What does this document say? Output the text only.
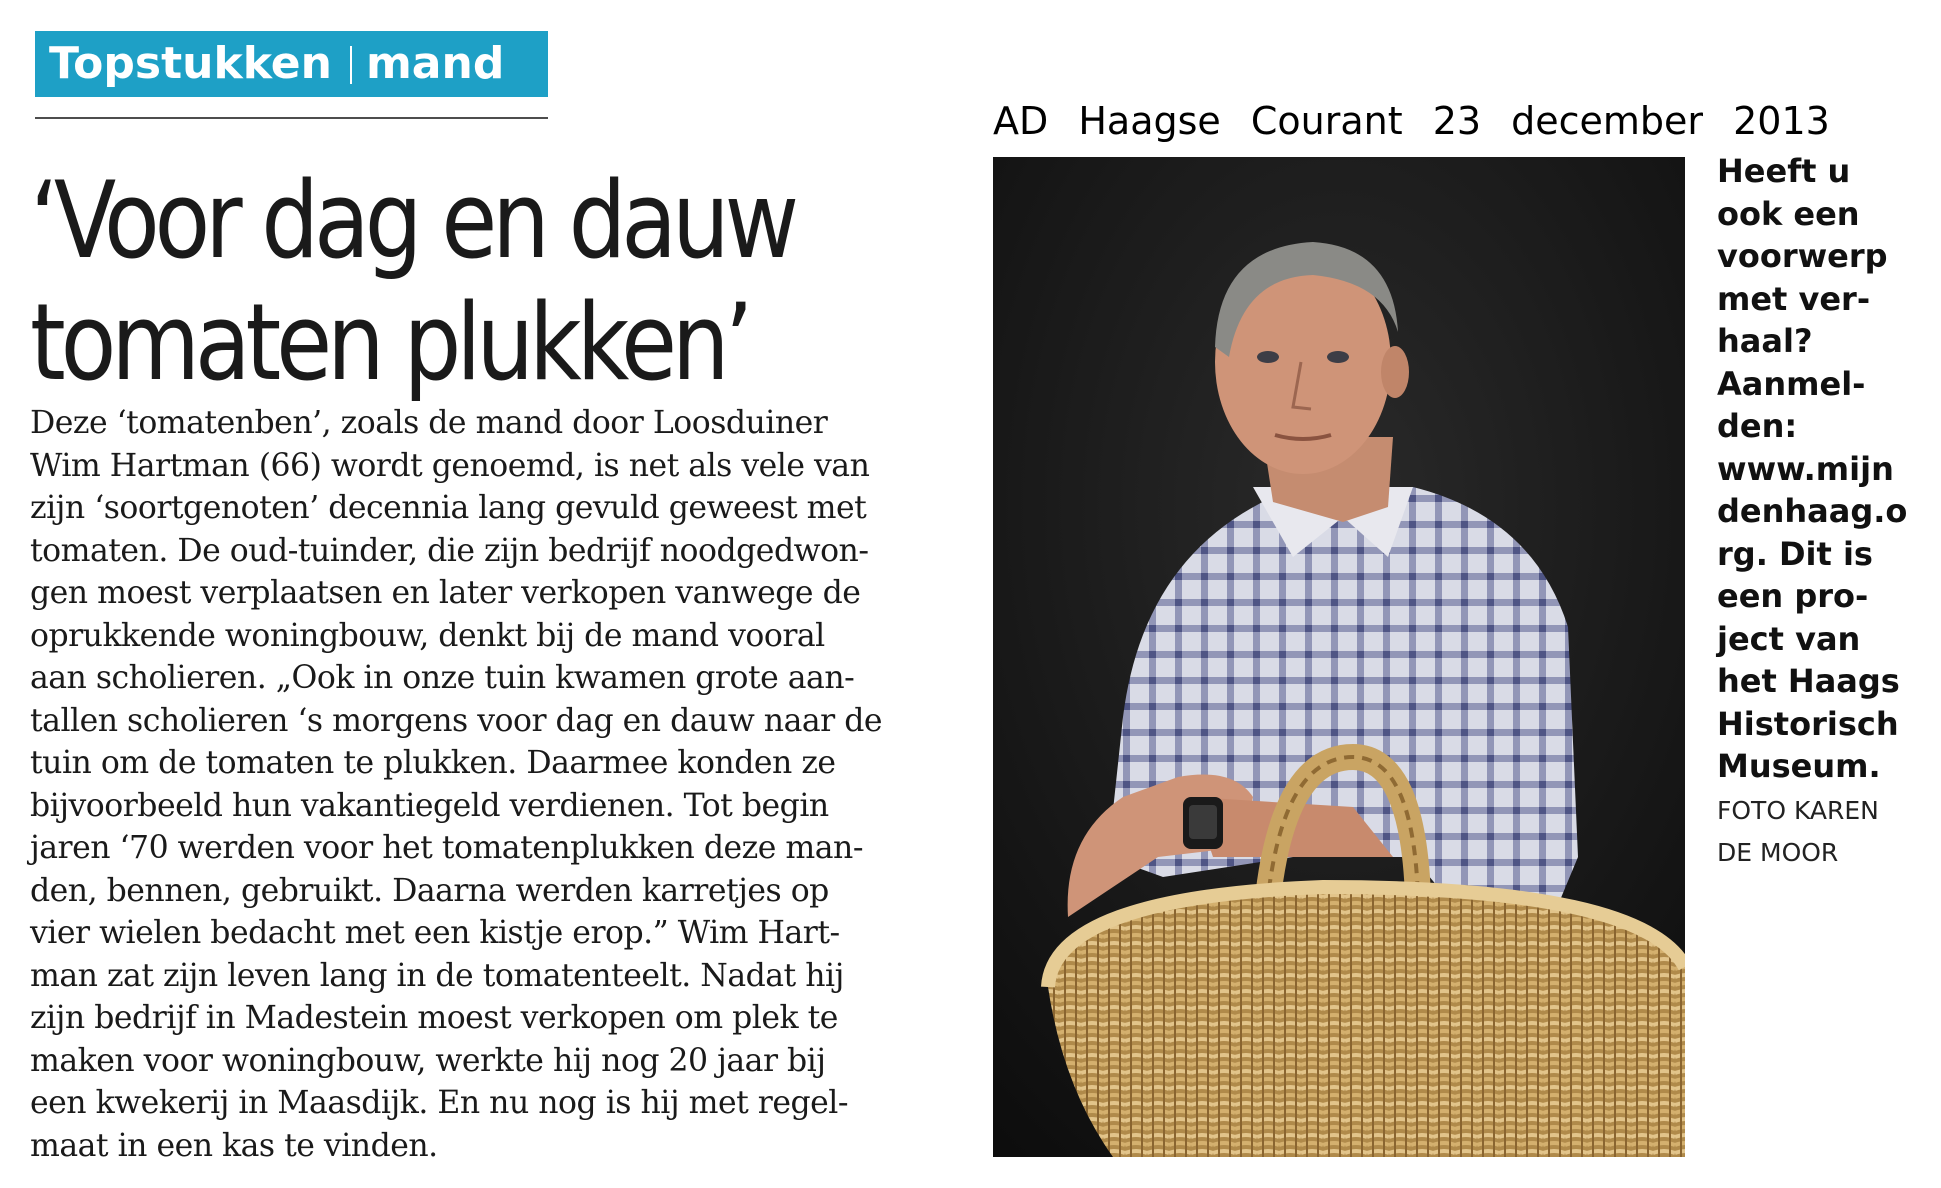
Topstukken mand
AD Haagse Courant 23 december 2013
‘Voor dag en dauw
tomaten plukken’
Deze ‘tomatenben’, zoals de mand door Loosduiner
Wim Hartman (66) wordt genoemd, is net als vele van
zijn ‘soortgenoten’ decennia lang gevuld geweest met
tomaten. De oud-tuinder, die zijn bedrijf noodgedwon-
gen moest verplaatsen en later verkopen vanwege de
oprukkende woningbouw, denkt bij de mand vooral
aan scholieren. „Ook in onze tuin kwamen grote aan-
tallen scholieren ‘s morgens voor dag en dauw naar de
tuin om de tomaten te plukken. Daarmee konden ze
bijvoorbeeld hun vakantiegeld verdienen. Tot begin
jaren ‘70 werden voor het tomatenplukken deze man-
den, bennen, gebruikt. Daarna werden karretjes op
vier wielen bedacht met een kistje erop.” Wim Hart-
man zat zijn leven lang in de tomatenteelt. Nadat hij
zijn bedrijf in Madestein moest verkopen om plek te
maken voor woningbouw, werkte hij nog 20 jaar bij
een kwekerij in Maasdijk. En nu nog is hij met regel-
maat in een kas te vinden.
Heeft u
ook een
voorwerp
met ver-
haal?
Aanmel-
den:
www.mijn
denhaag.o
rg. Dit is
een pro-
ject van
het Haags
Historisch
Museum.
FOTO KAREN
DE MOOR
